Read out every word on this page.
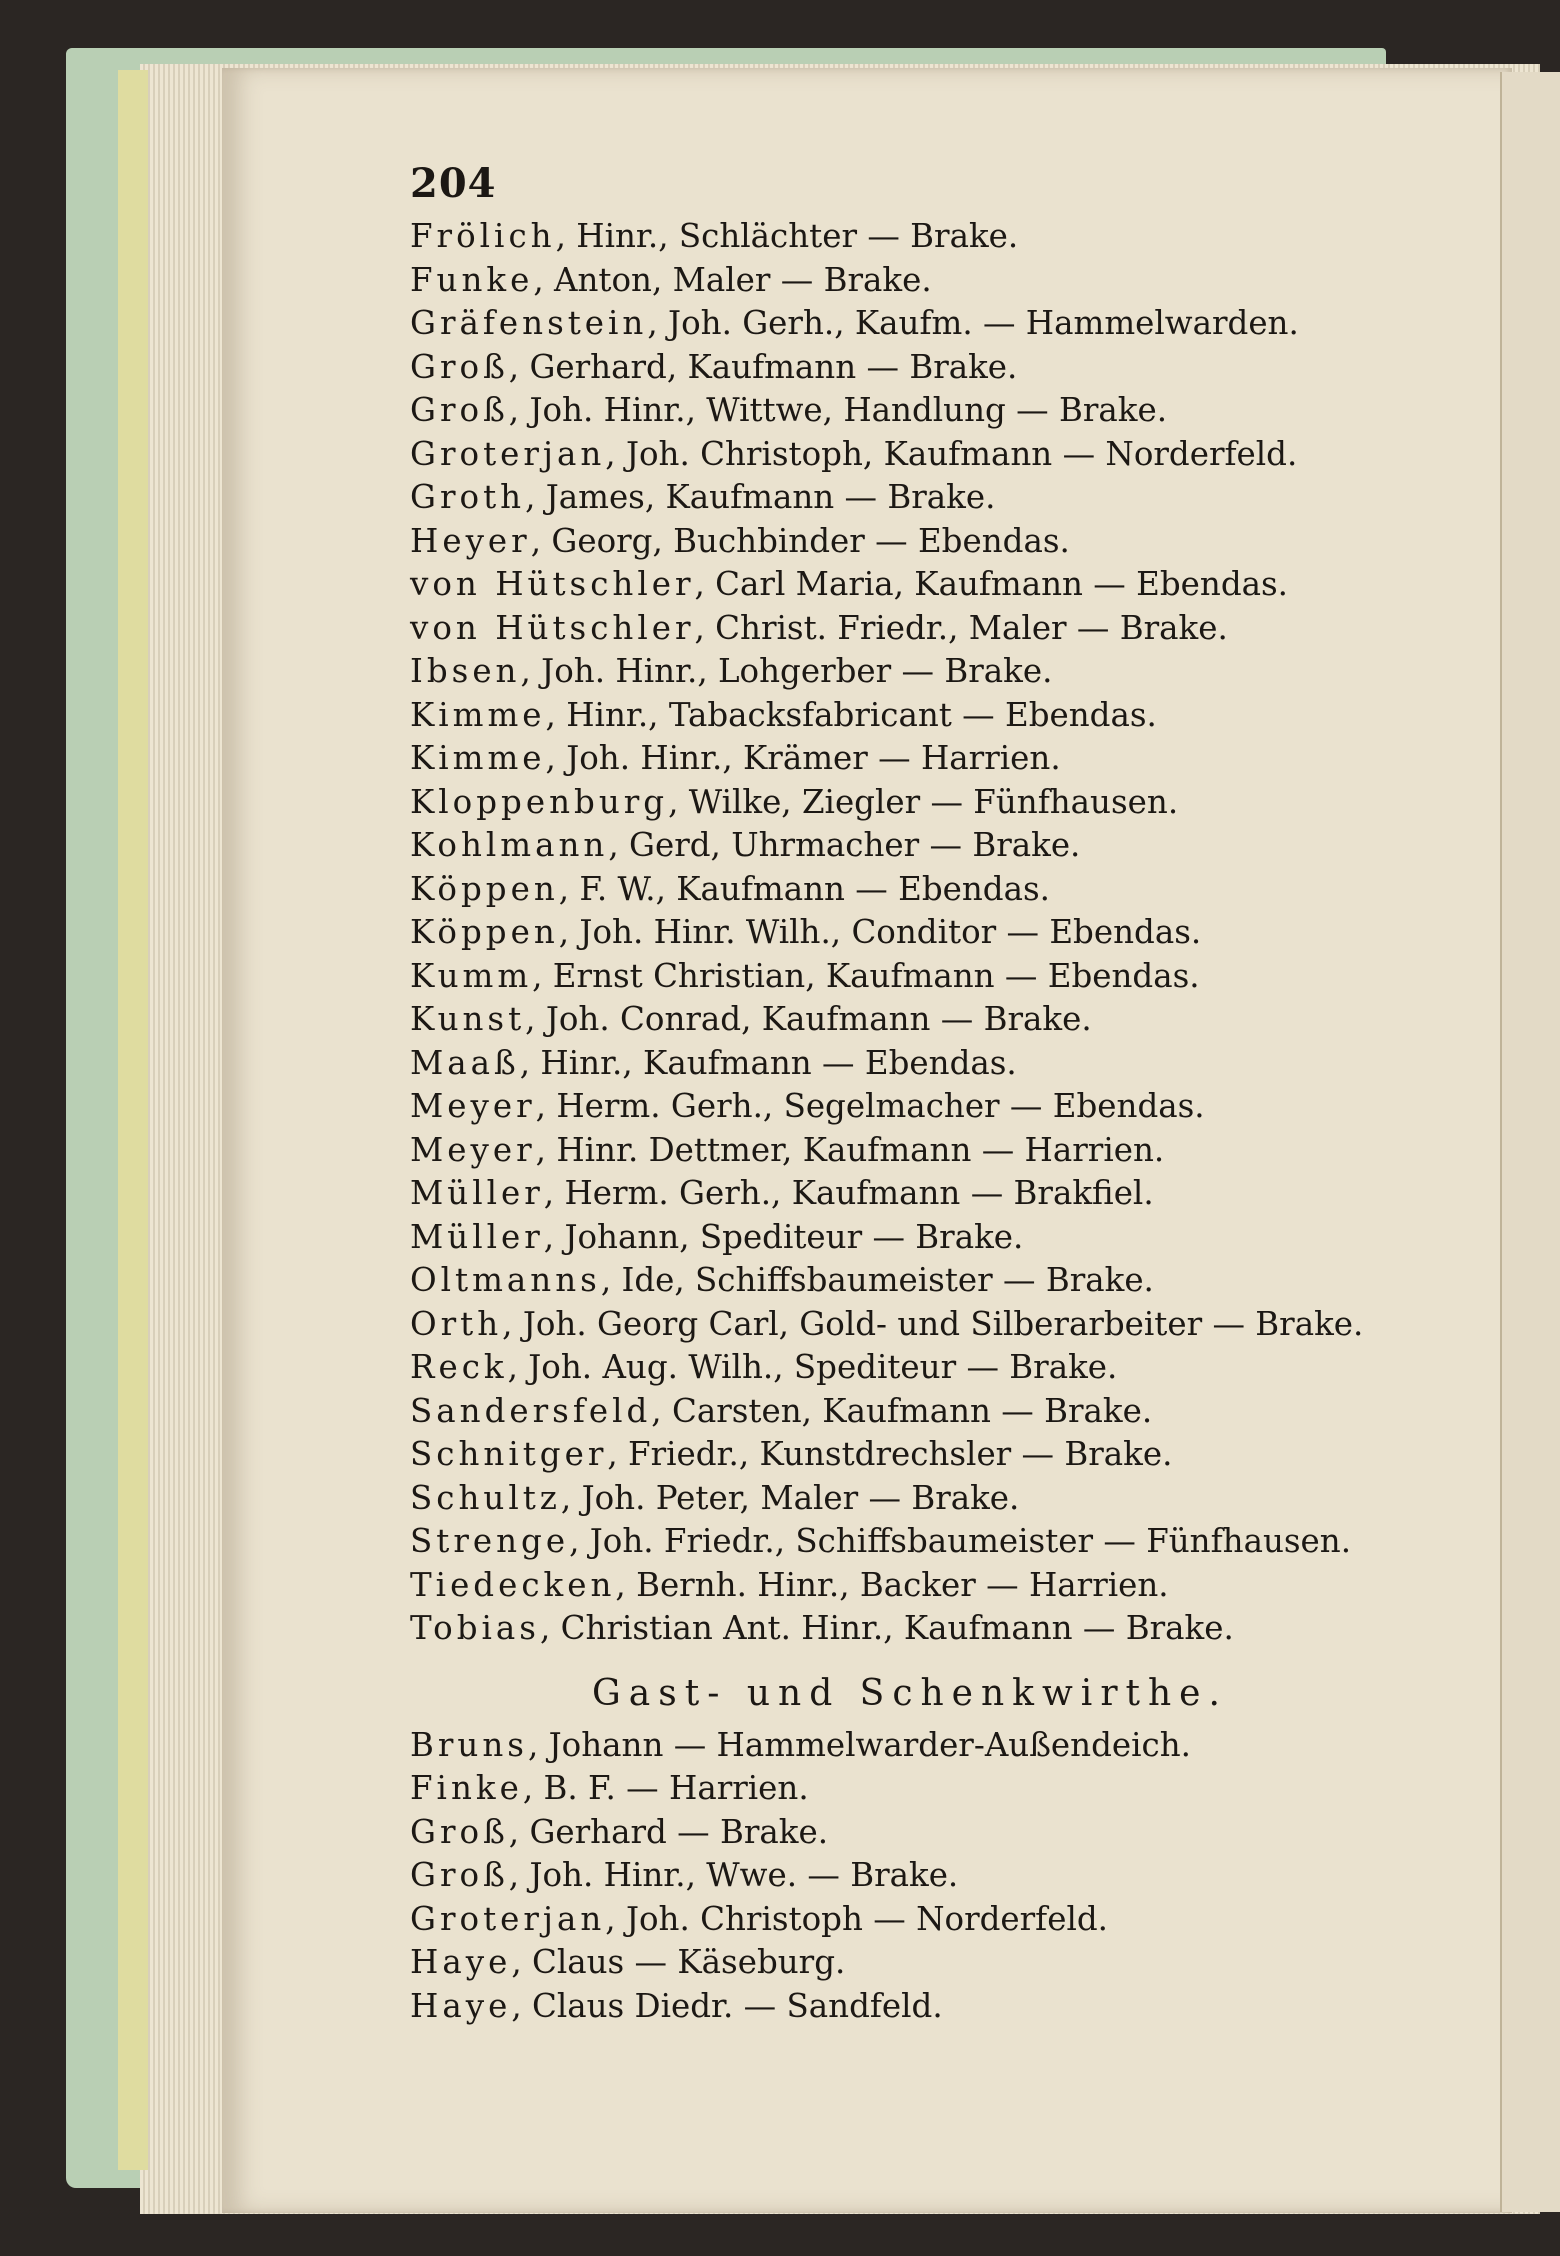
204
Frölich, Hinr., Schlächter — Brake.
Funke, Anton, Maler — Brake.
Gräfenstein, Joh. Gerh., Kaufm. — Hammelwarden.
Groß, Gerhard, Kaufmann — Brake.
Groß, Joh. Hinr., Wittwe, Handlung — Brake.
Groterjan, Joh. Christoph, Kaufmann — Norderfeld.
Groth, James, Kaufmann — Brake.
Heyer, Georg, Buchbinder — Ebendas.
von Hütschler, Carl Maria, Kaufmann — Ebendas.
von Hütschler, Christ. Friedr., Maler — Brake.
Ibsen, Joh. Hinr., Lohgerber — Brake.
Kimme, Hinr., Tabacksfabricant — Ebendas.
Kimme, Joh. Hinr., Krämer — Harrien.
Kloppenburg, Wilke, Ziegler — Fünfhausen.
Kohlmann, Gerd, Uhrmacher — Brake.
Köppen, F. W., Kaufmann — Ebendas.
Köppen, Joh. Hinr. Wilh., Conditor — Ebendas.
Kumm, Ernst Christian, Kaufmann — Ebendas.
Kunst, Joh. Conrad, Kaufmann — Brake.
Maaß, Hinr., Kaufmann — Ebendas.
Meyer, Herm. Gerh., Segelmacher — Ebendas.
Meyer, Hinr. Dettmer, Kaufmann — Harrien.
Müller, Herm. Gerh., Kaufmann — Brakfiel.
Müller, Johann, Spediteur — Brake.
Oltmanns, Ide, Schiffsbaumeister — Brake.
Orth, Joh. Georg Carl, Gold- und Silberarbeiter — Brake.
Reck, Joh. Aug. Wilh., Spediteur — Brake.
Sandersfeld, Carsten, Kaufmann — Brake.
Schnitger, Friedr., Kunstdrechsler — Brake.
Schultz, Joh. Peter, Maler — Brake.
Strenge, Joh. Friedr., Schiffsbaumeister — Fünfhausen.
Tiedecken, Bernh. Hinr., Backer — Harrien.
Tobias, Christian Ant. Hinr., Kaufmann — Brake.
Gast- und Schenkwirthe.
Bruns, Johann — Hammelwarder-Außendeich.
Finke, B. F. — Harrien.
Groß, Gerhard — Brake.
Groß, Joh. Hinr., Wwe. — Brake.
Groterjan, Joh. Christoph — Norderfeld.
Haye, Claus — Käseburg.
Haye, Claus Diedr. — Sandfeld.
